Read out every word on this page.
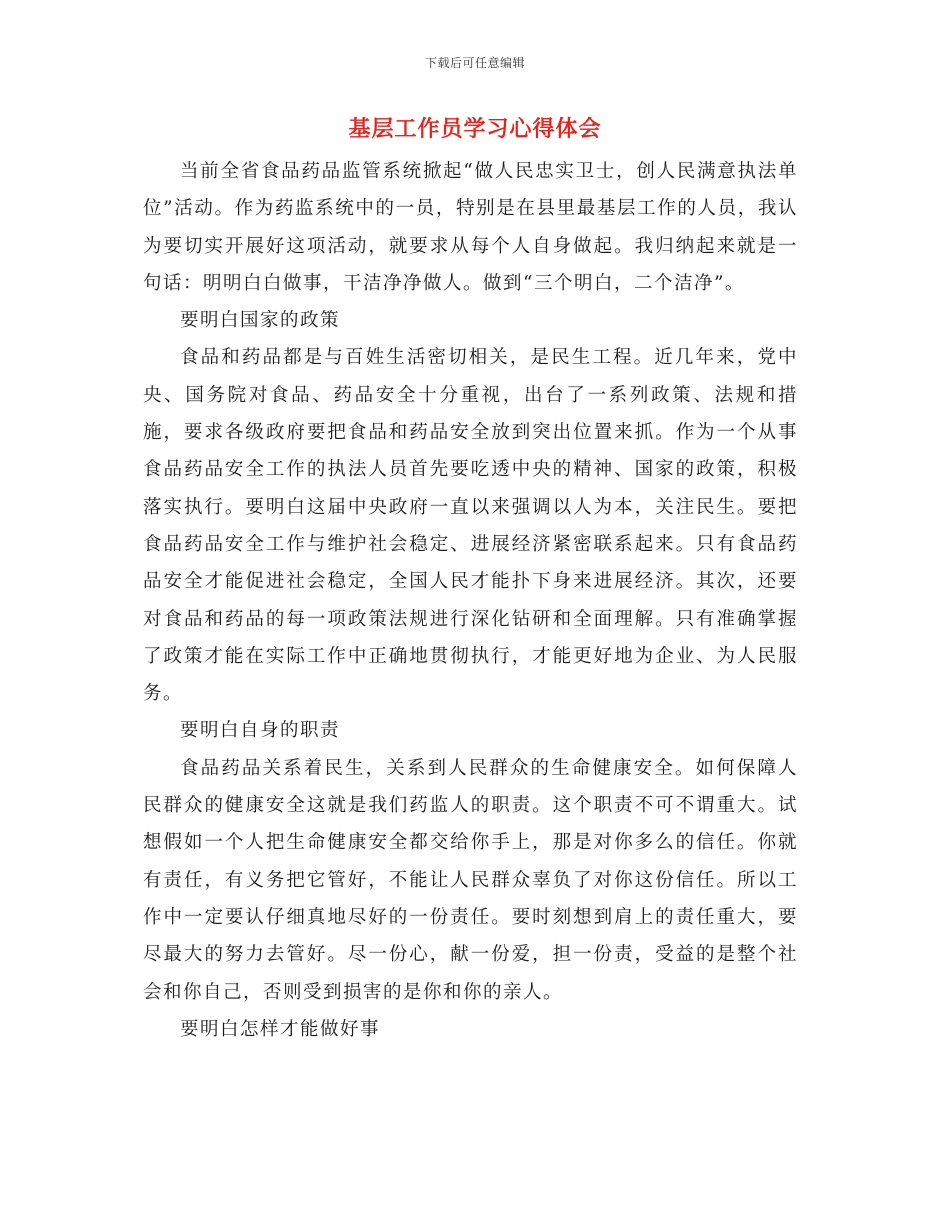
下载后可任意编辑
基层工作员学习心得体会

当前全省食品药品监管系统掀起“做人民忠实卫士，创人民满意执法单位”活动。作为药监系统中的一员，特别是在县里最基层工作的人员，我认为要切实开展好这项活动，就要求从每个人自身做起。我归纳起来就是一句话：明明白白做事，干洁净净做人。做到“三个明白，二个洁净”。

要明白国家的政策

食品和药品都是与百姓生活密切相关，是民生工程。近几年来，党中央、国务院对食品、药品安全十分重视，出台了一系列政策、法规和措施，要求各级政府要把食品和药品安全放到突出位置来抓。作为一个从事食品药品安全工作的执法人员首先要吃透中央的精神、国家的政策，积极落实执行。要明白这届中央政府一直以来强调以人为本，关注民生。要把食品药品安全工作与维护社会稳定、进展经济紧密联系起来。只有食品药品安全才能促进社会稳定，全国人民才能扑下身来进展经济。其次，还要对食品和药品的每一项政策法规进行深化钻研和全面理解。只有准确掌握了政策才能在实际工作中正确地贯彻执行，才能更好地为企业、为人民服务。

要明白自身的职责

食品药品关系着民生，关系到人民群众的生命健康安全。如何保障人民群众的健康安全这就是我们药监人的职责。这个职责不可不谓重大。试想假如一个人把生命健康安全都交给你手上，那是对你多么的信任。你就有责任，有义务把它管好，不能让人民群众辜负了对你这份信任。所以工作中一定要认仔细真地尽好的一份责任。要时刻想到肩上的责任重大，要尽最大的努力去管好。尽一份心，献一份爱，担一份责，受益的是整个社会和你自己，否则受到损害的是你和你的亲人。

要明白怎样才能做好事
